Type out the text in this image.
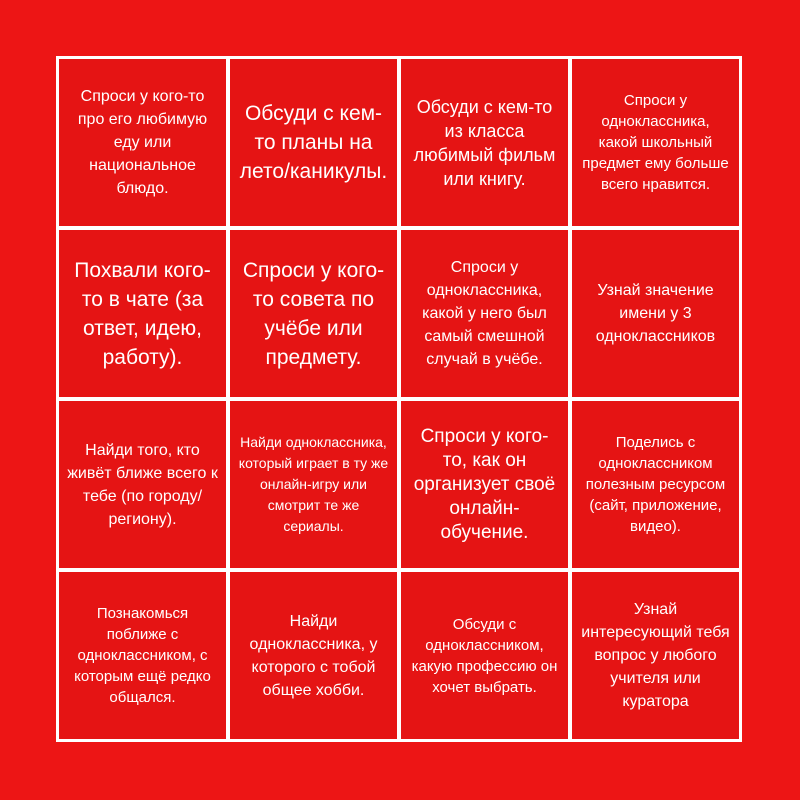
Спроси у кого-то про его любимую еду или национальное блюдо.
Обсуди с кем-то планы на лето/каникулы.
Обсуди с кем-то из класса любимый фильм или книгу.
Спроси у одноклассника, какой школьный предмет ему больше всего нравится.
Похвали кого-то в чате (за ответ, идею, работу).
Спроси у кого-то совета по учёбе или предмету.
Спроси у одноклассника, какой у него был самый смешной случай в учёбе.
Узнай значение имени у 3 одноклассников
Найди того, кто живёт ближе всего к тебе (по городу/региону).
Найди одноклассника, который играет в ту же онлайн-игру или смотрит те же сериалы.
Спроси у кого-то, как он организует своё онлайн-обучение.
Поделись с одноклассником полезным ресурсом (сайт, приложение, видео).
Познакомься поближе с одноклассником, с которым ещё редко общался.
Найди одноклассника, у которого с тобой общее хобби.
Обсуди с одноклассником, какую профессию он хочет выбрать.
Узнай интересующий тебя вопрос у любого учителя или куратора
